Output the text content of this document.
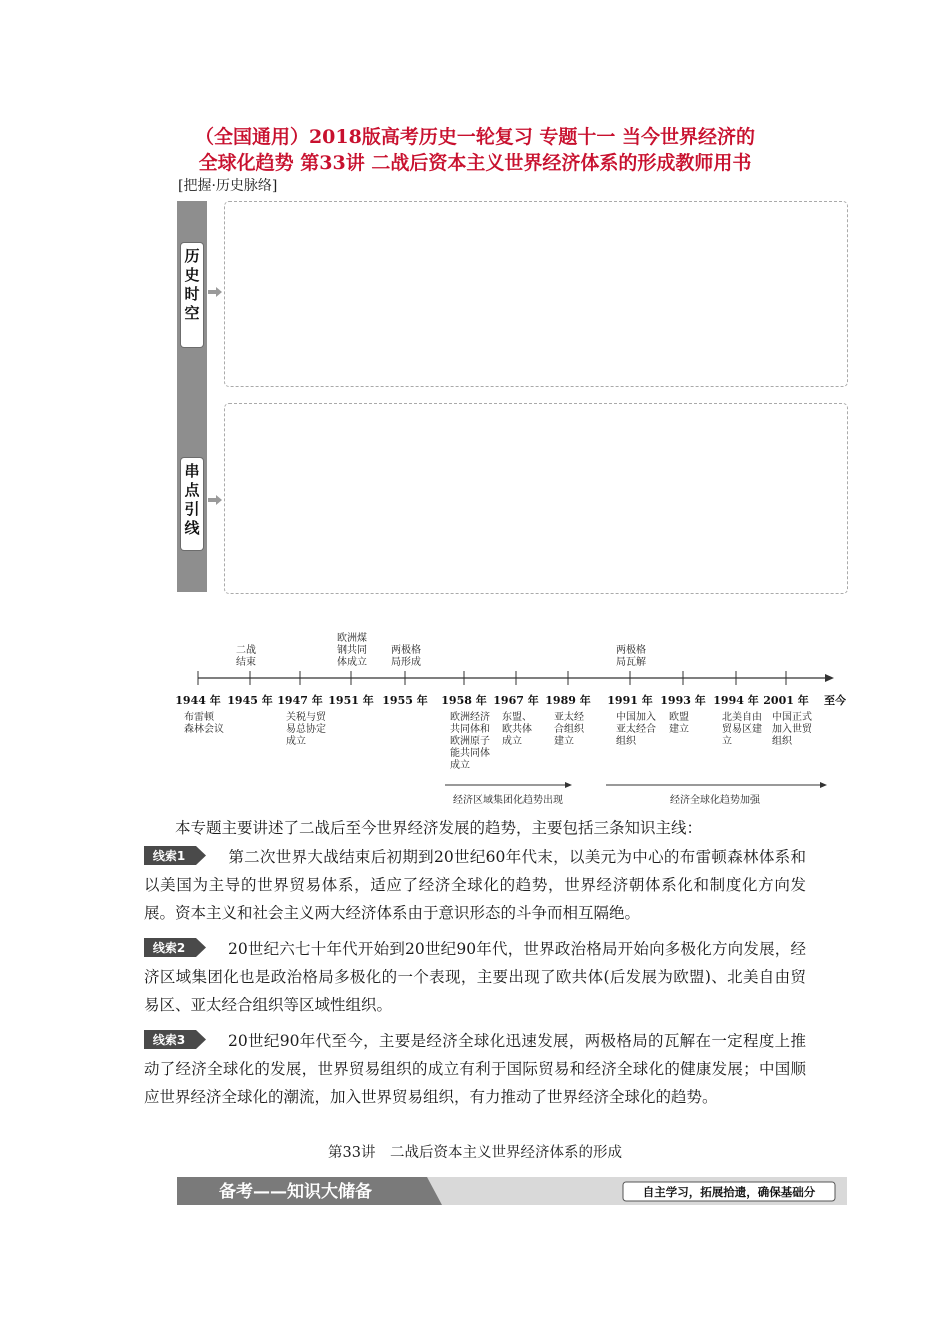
（全国通用）2018版高考历史一轮复习 专题十一 当今世界经济的
全球化趋势 第33讲 二战后资本主义世界经济体系的形成教师用书
[把握·历史脉络]
历
史
时
空
串
点
引
线
1944 年
布雷顿
森林会议
1945 年
二战
结束
1947 年
关税与贸
易总协定
成立
1951 年
欧洲煤
钢共同
体成立
1955 年
两极格
局形成
1958 年
欧洲经济
共同体和
欧洲原子
能共同体
成立
1967 年
东盟、
欧共体
成立
1989 年
亚太经
合组织
建立
1991 年
中国加入
亚太经合
组织
两极格
局瓦解
1993 年
欧盟
建立
1994 年
北美自由
贸易区建
立
2001 年
中国正式
加入世贸
组织
至今
经济区域集团化趋势出现	经济全球化趋势加强
本专题主要讲述了二战后至今世界经济发展的趋势，主要包括三条知识主线：
线索1	第二次世界大战结束后初期到20世纪60年代末，以美元为中心的布雷顿森林体系和以美国为主导的世界贸易体系，适应了经济全球化的趋势，世界经济朝体系化和制度化方向发展。资本主义和社会主义两大经济体系由于意识形态的斗争而相互隔绝。
线索2	20世纪六七十年代开始到20世纪90年代，世界政治格局开始向多极化方向发展，经济区域集团化也是政治格局多极化的一个表现，主要出现了欧共体(后发展为欧盟)、北美自由贸易区、亚太经合组织等区域性组织。
线索3	20世纪90年代至今，主要是经济全球化迅速发展，两极格局的瓦解在一定程度上推动了经济全球化的发展，世界贸易组织的成立有利于国际贸易和经济全球化的健康发展；中国顺应世界经济全球化的潮流，加入世界贸易组织，有力推动了世界经济全球化的趋势。
第33讲　二战后资本主义世界经济体系的形成
备考——知识大储备	自主学习，拓展拾遗，确保基础分
